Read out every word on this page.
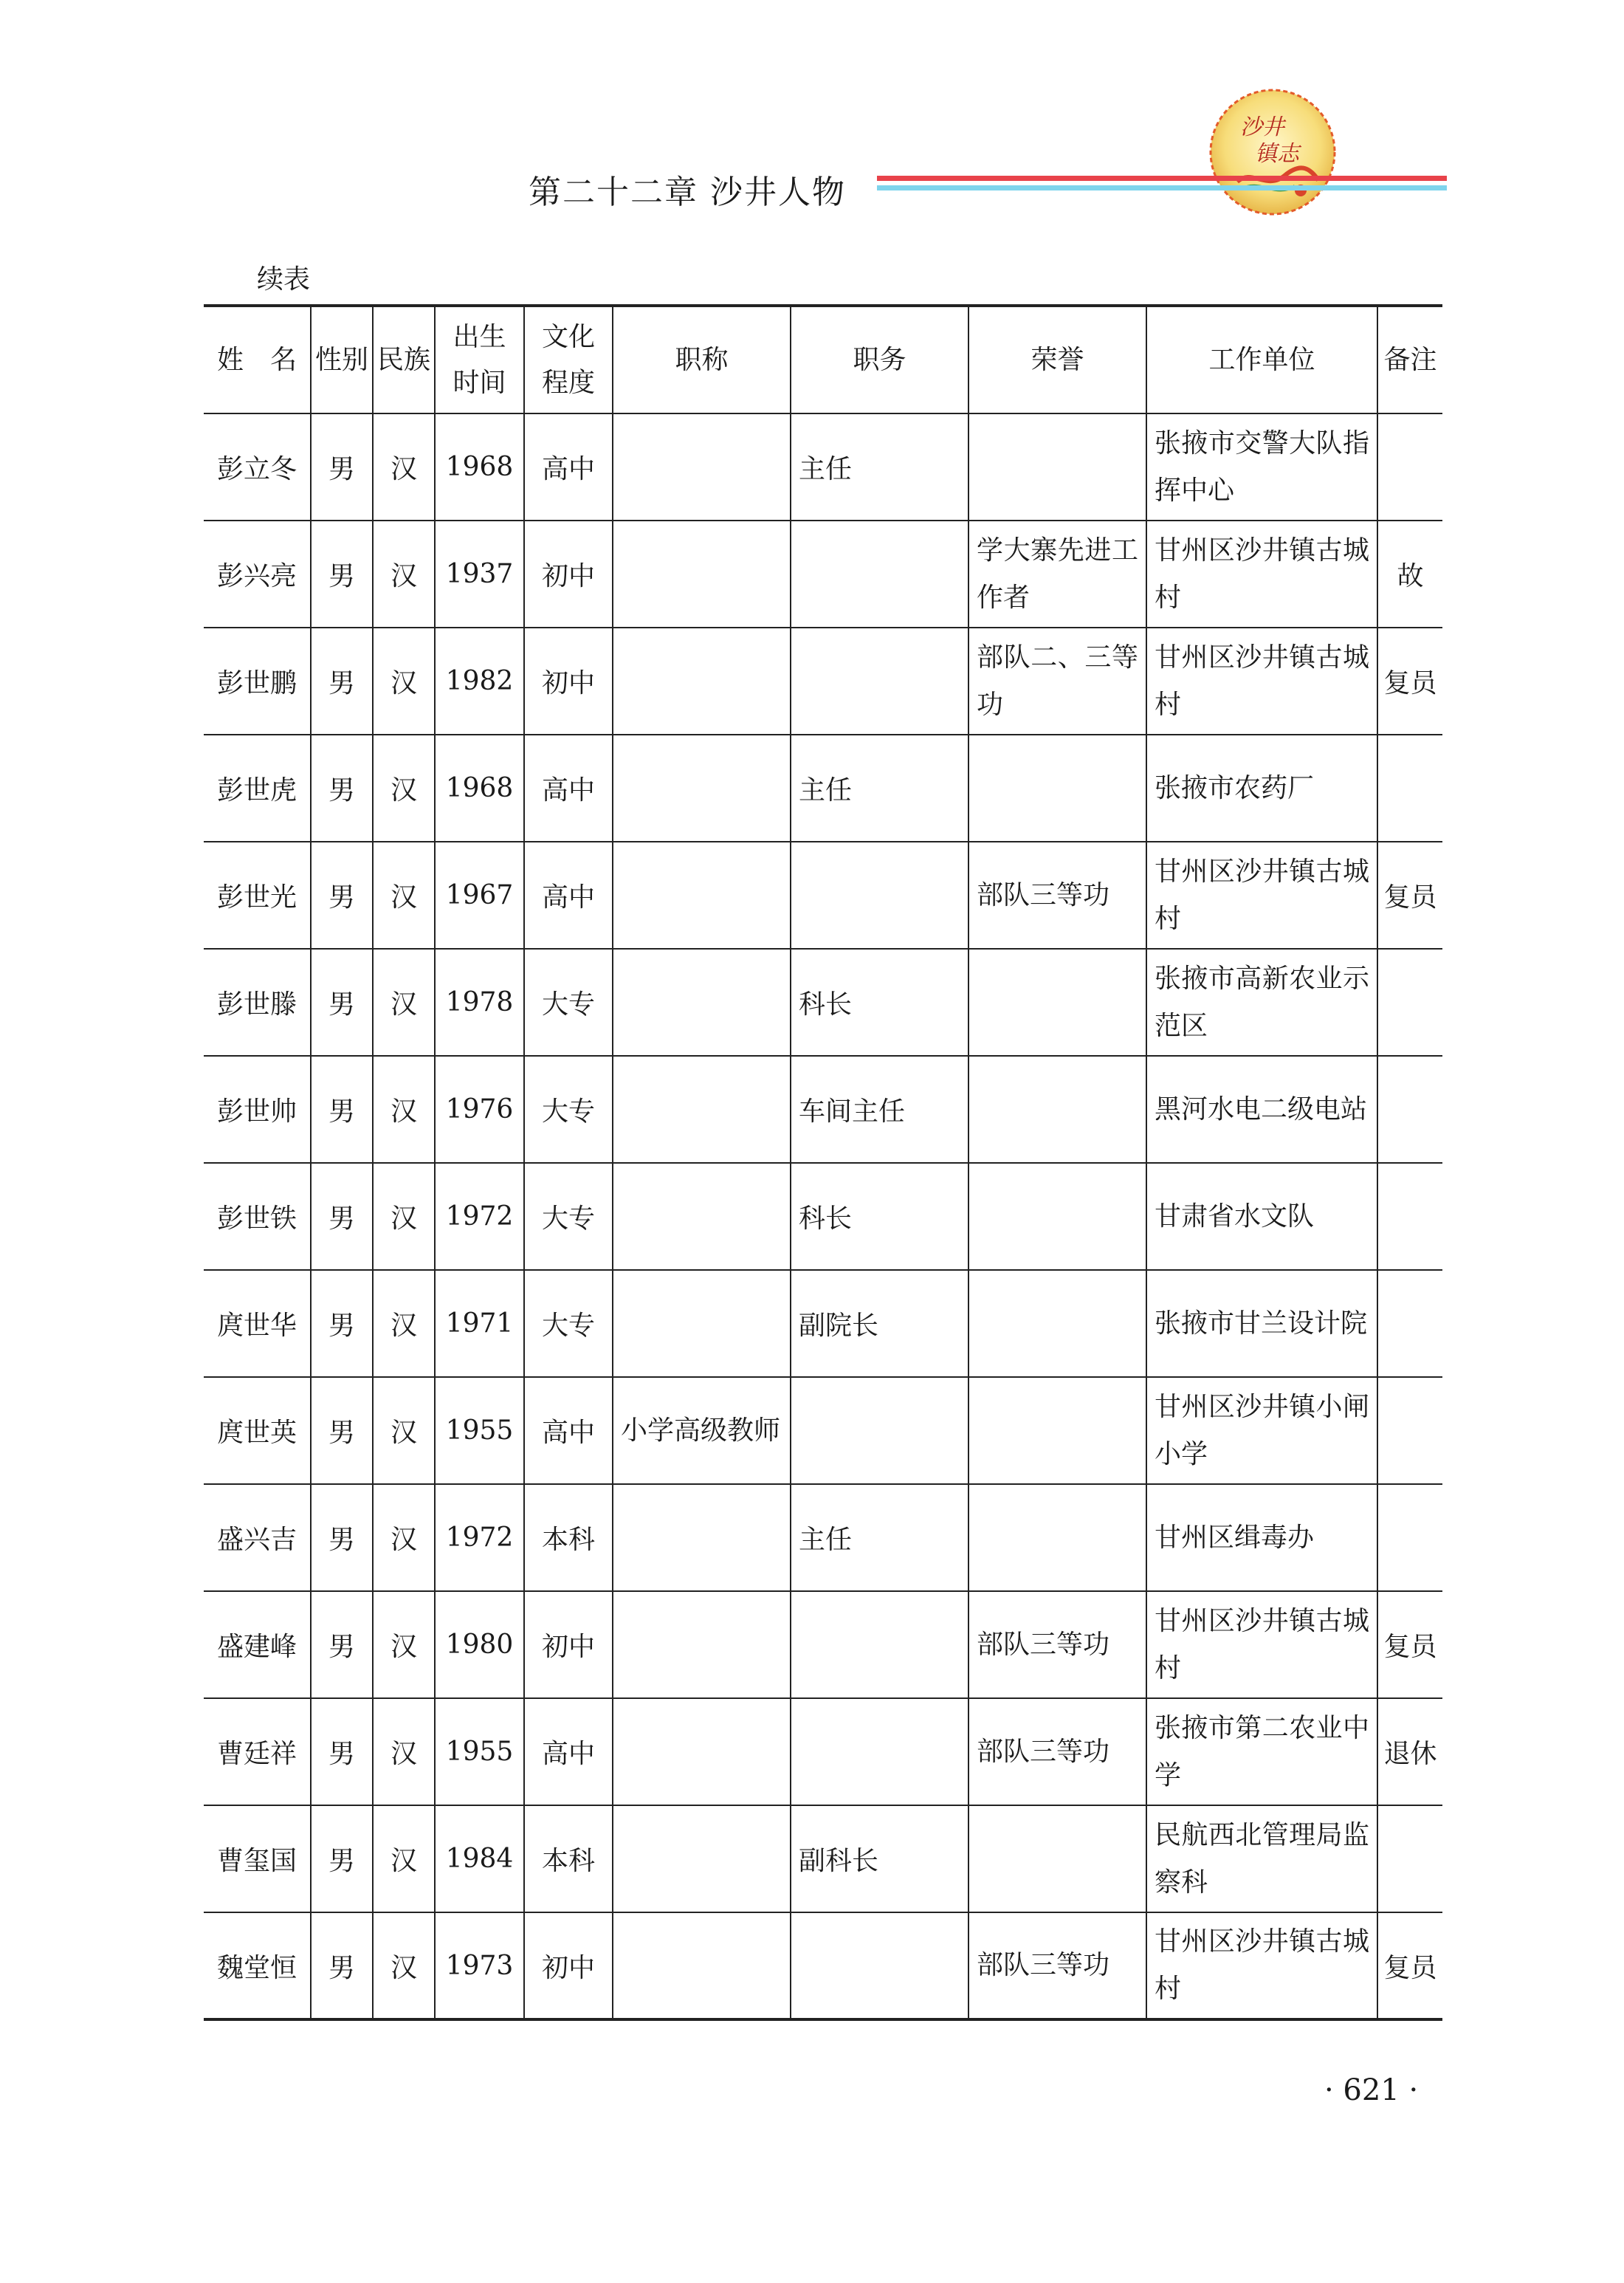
沙井
镇志
第二十二章 沙井人物
续表
姓　名	性别	民族	出生时间	文化程度	职称	职务	荣誉	工作单位	备注
彭立冬	男	汉	1968	高中		主任		张掖市交警大队指挥中心	
彭兴亮	男	汉	1937	初中			学大寨先进工作者	甘州区沙井镇古城村	故
彭世鹏	男	汉	1982	初中			部队二、三等功	甘州区沙井镇古城村	复员
彭世虎	男	汉	1968	高中		主任		张掖市农药厂	
彭世光	男	汉	1967	高中			部队三等功	甘州区沙井镇古城村	复员
彭世滕	男	汉	1978	大专		科长		张掖市高新农业示范区	
彭世帅	男	汉	1976	大专		车间主任		黑河水电二级电站	
彭世铁	男	汉	1972	大专		科长		甘肃省水文队	
庹世华	男	汉	1971	大专		副院长		张掖市甘兰设计院	
庹世英	男	汉	1955	高中	小学高级教师			甘州区沙井镇小闸小学	
盛兴吉	男	汉	1972	本科		主任		甘州区缉毒办	
盛建峰	男	汉	1980	初中			部队三等功	甘州区沙井镇古城村	复员
曹廷祥	男	汉	1955	高中			部队三等功	张掖市第二农业中学	退休
曹玺国	男	汉	1984	本科		副科长		民航西北管理局监察科	
魏堂恒	男	汉	1973	初中			部队三等功	甘州区沙井镇古城村	复员
· 621 ·
